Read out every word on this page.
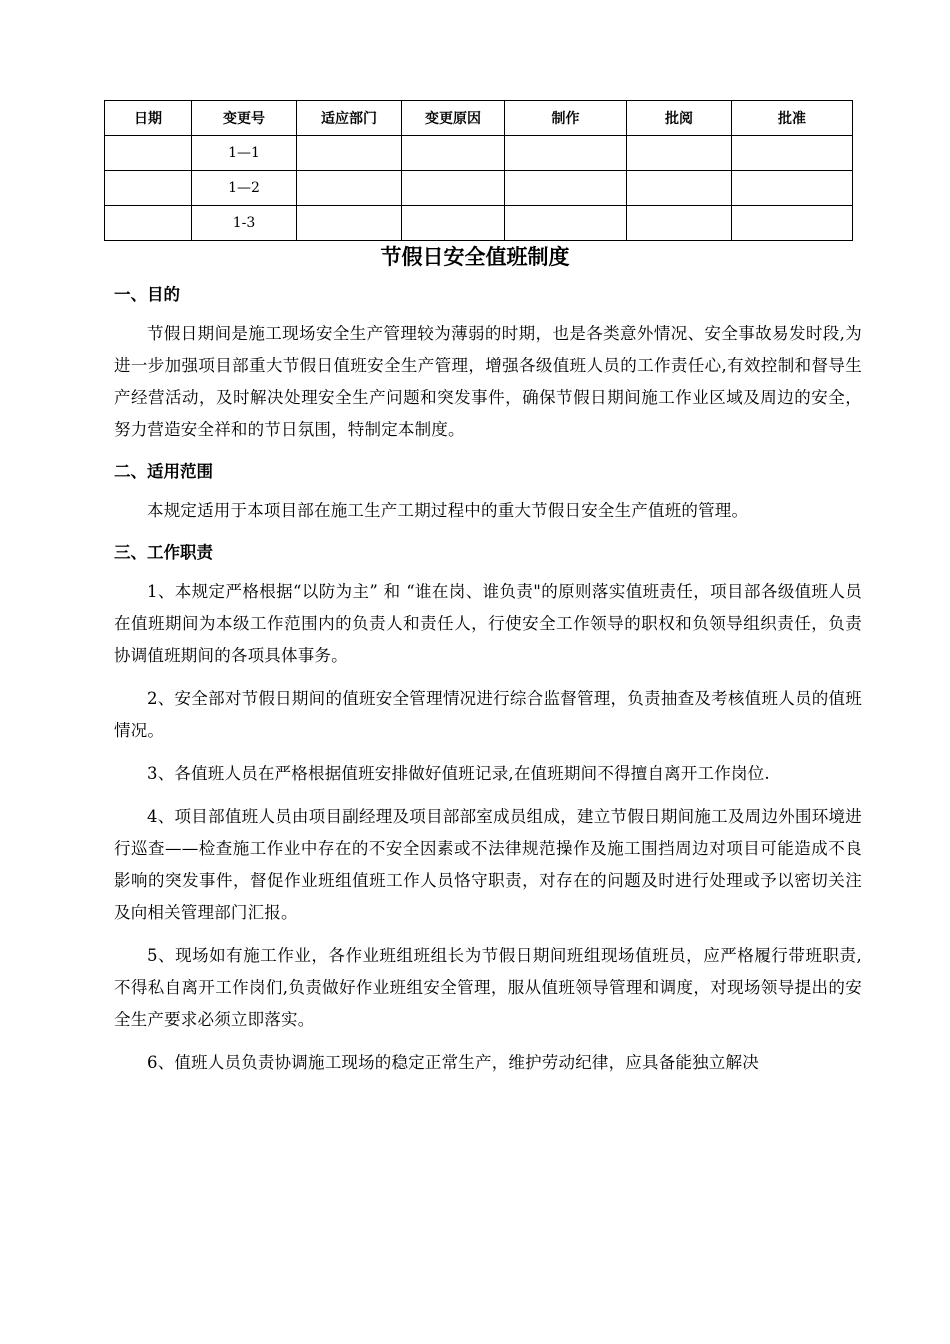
日期	变更号	适应部门	变更原因	制作	批阅	批准
	1—1					
	1—2					
	1-3					
节假日安全值班制度
一、目的

节假日期间是施工现场安全生产管理较为薄弱的时期，也是各类意外情况、安全事故易发时段,为进一步加强项目部重大节假日值班安全生产管理，增强各级值班人员的工作责任心,有效控制和督导生产经营活动，及时解决处理安全生产问题和突发事件，确保节假日期间施工作业区域及周边的安全，努力营造安全祥和的节日氛围，特制定本制度。

二、适用范围

本规定适用于本项目部在施工生产工期过程中的重大节假日安全生产值班的管理。

三、工作职责

1、本规定严格根据“以防为主” 和 “谁在岗、谁负责"的原则落实值班责任，项目部各级值班人员在值班期间为本级工作范围内的负责人和责任人，行使安全工作领导的职权和负领导组织责任，负责协调值班期间的各项具体事务。

2、安全部对节假日期间的值班安全管理情况进行综合监督管理，负责抽查及考核值班人员的值班情况。

3、各值班人员在严格根据值班安排做好值班记录,在值班期间不得擅自离开工作岗位.

4、项目部值班人员由项目副经理及项目部部室成员组成，建立节假日期间施工及周边外围环境进行巡查——检查施工作业中存在的不安全因素或不法律规范操作及施工围挡周边对项目可能造成不良影响的突发事件，督促作业班组值班工作人员恪守职责，对存在的问题及时进行处理或予以密切关注及向相关管理部门汇报。

5、现场如有施工作业，各作业班组班组长为节假日期间班组现场值班员，应严格履行带班职责,不得私自离开工作岗们,负责做好作业班组安全管理，服从值班领导管理和调度，对现场领导提出的安全生产要求必须立即落实。

6、值班人员负责协调施工现场的稳定正常生产，维护劳动纪律，应具备能独立解决
